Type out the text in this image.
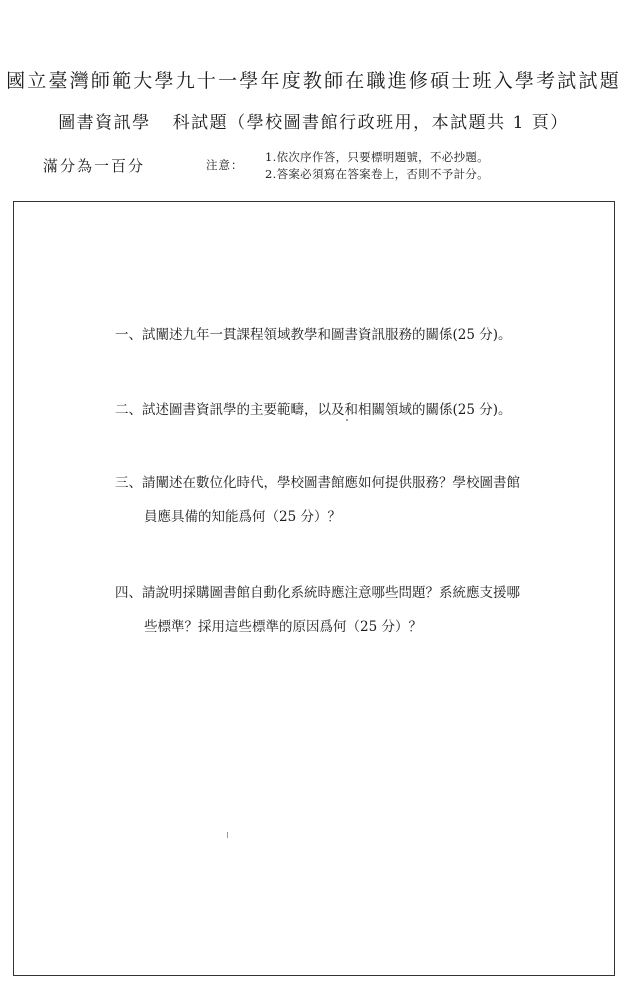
國立臺灣師範大學九十一學年度教師在職進修碩士班入學考試試題
圖書資訊學 科試題（學校圖書館行政班用，本試題共 1 頁）
滿分為一百分	注意：
1.依次序作答，只要標明題號，不必抄題。
2.答案必須寫在答案卷上，否則不予計分。
一、試闡述九年一貫課程領域教學和圖書資訊服務的關係(25 分)。
二、試述圖書資訊學的主要範疇，以及和相關領域的關係(25 分)。
三、請闡述在數位化時代，學校圖書館應如何提供服務？學校圖書館
員應具備的知能爲何（25 分）？
四、請說明採購圖書館自動化系統時應注意哪些問題？系統應支援哪
些標準？採用這些標準的原因爲何（25 分）？
